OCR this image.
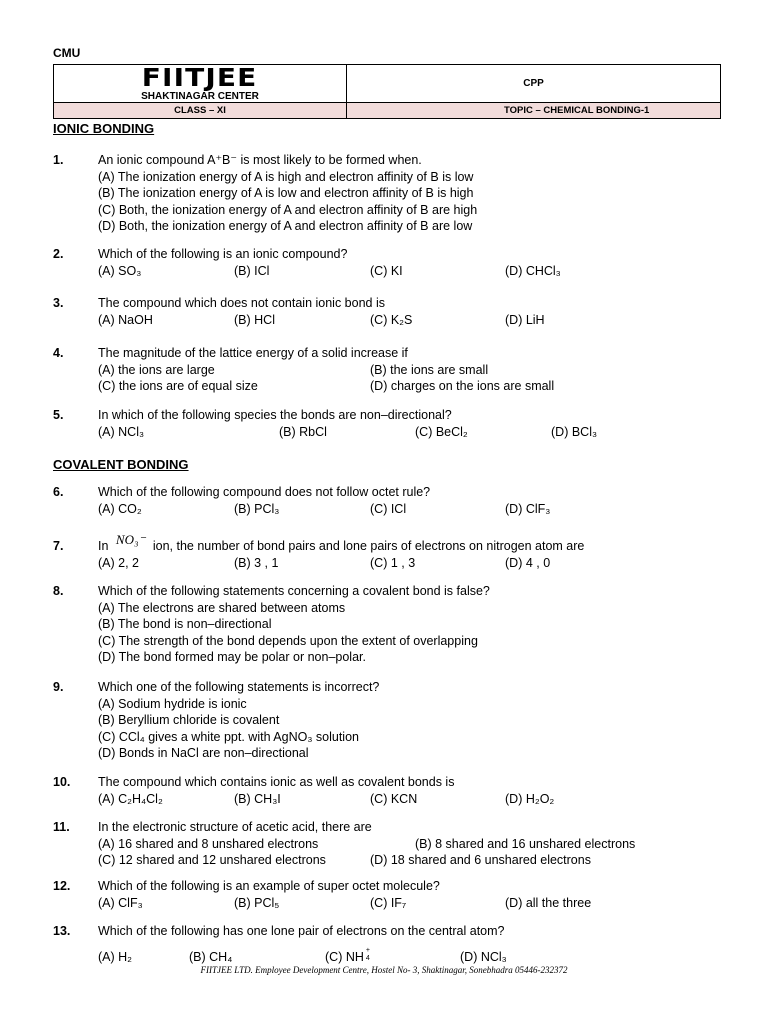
CMU
FIITJEE
SHAKTINAGAR CENTER	CPP
CLASS – XI	TOPIC – CHEMICAL BONDING-1
IONIC BONDING
1.	An ionic compound A⁺B⁻ is most likely to be formed when.
(A) The ionization energy of A is high and electron affinity of B is low
(B) The ionization energy of A is low and electron affinity of B is high
(C) Both, the ionization energy of A and electron affinity of B are high
(D) Both, the ionization energy of A and electron affinity of B are low
2.	Which of the following is an ionic compound?
(A) SO₃	(B) ICl	(C) KI	(D) CHCl₃
3.	The compound which does not contain ionic bond is
(A) NaOH	(B) HCl	(C) K₂S	(D) LiH
4.	The magnitude of the lattice energy of a solid increase if
(A) the ions are large	(B) the ions are small
(C) the ions are of equal size	(D) charges on the ions are small
5.	In which of the following species the bonds are non–directional?
(A) NCl₃	(B) RbCl	(C) BeCl₂	(D) BCl₃
COVALENT BONDING
6.	Which of the following compound does not follow octet rule?
(A) CO₂	(B) PCl₃	(C) ICl	(D) ClF₃
7.	In NO₃⁻ ion, the number of bond pairs and lone pairs of electrons on nitrogen atom are
(A) 2, 2	(B) 3 , 1	(C) 1 , 3	(D) 4 , 0
8.	Which of the following statements concerning a covalent bond is false?
(A) The electrons are shared between atoms
(B) The bond is non–directional
(C) The strength of the bond depends upon the extent of overlapping
(D) The bond formed may be polar or non–polar.
9.	Which one of the following statements is incorrect?
(A) Sodium hydride is ionic
(B) Beryllium chloride is covalent
(C) CCl₄ gives a white ppt. with AgNO₃ solution
(D) Bonds in NaCl are non–directional
10. The compound which contains ionic as well as covalent bonds is
(A) C₂H₄Cl₂	(B) CH₃I	(C) KCN	(D) H₂O₂
11. In the electronic structure of acetic acid, there are
(A) 16 shared and 8 unshared electrons	(B) 8 shared and 16 unshared electrons
(C) 12 shared and 12 unshared electrons	(D) 18 shared and 6 unshared electrons
12. Which of the following is an example of super octet molecule?
(A) ClF₃	(B) PCl₅	(C) IF₇	(D) all the three
13. Which of the following has one lone pair of electrons on the central atom?
(A) H₂	(B) CH₄	(C) NH +
4	(D) NCl₃
FIITJEE LTD. Employee Development Centre, Hostel No- 3, Shaktinagar, Sonebhadra 05446-232372
